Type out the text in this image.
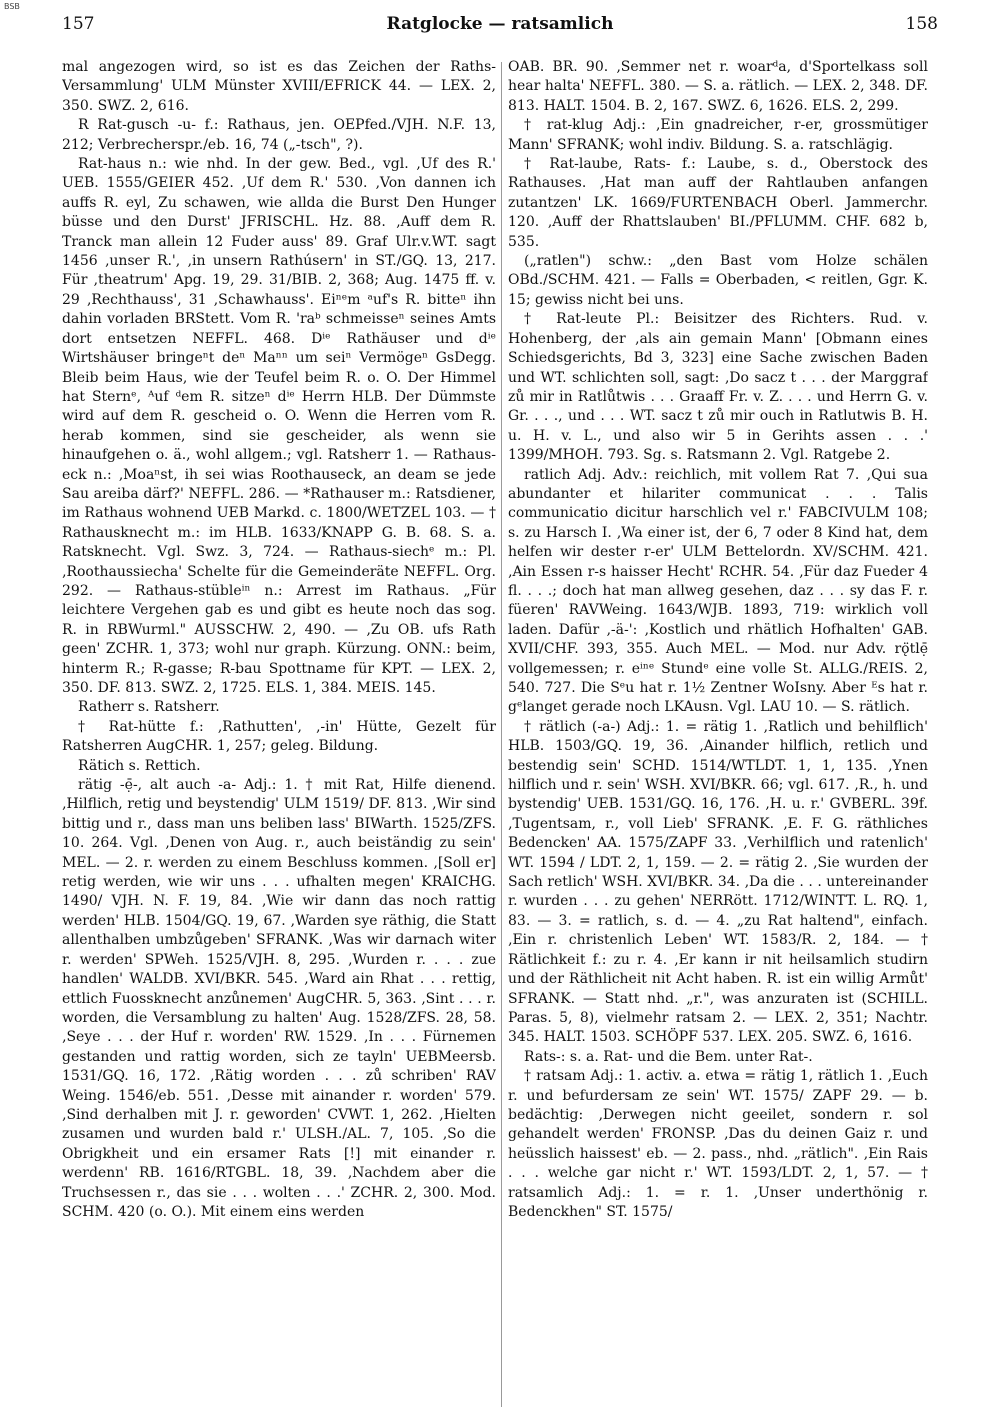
BSB
157	Ratglocke — ratsamlich	158

mal angezogen wird, so ist es das Zeichen der Raths- Versammlung' ULM Münster XVIII/EFRICK 44. — LEX. 2, 350. SWZ. 2, 616.

R Rat-gusch -u- f.: Rathaus, jen. OEPfed./VJH. N.F. 13, 212; Verbrecherspr./eb. 16, 74 („-tsch", ?).

Rat-haus n.: wie nhd. In der gew. Bed., vgl. ‚Uf des R.' UEB. 1555/GEIER 452. ‚Uf dem R.' 530. ‚Von dannen ich auffs R. eyl, Zu schawen, wie allda die Burst Den Hunger büsse und den Durst' JFRISCHL. Hz. 88. ‚Auff dem R. Tranck man allein 12 Fuder auss' 89. Graf Ulr.v.WT. sagt 1456 ‚unser R.', ‚in unsern Rathúsern' in ST./GQ. 13, 217. Für ‚theatrum' Apg. 19, 29. 31/BIB. 2, 368; Aug. 1475 ff. v. 29 ‚Rechthauss', 31 ‚Schawhauss'. Eiⁿᵉm ᵃuf's R. bitteⁿ ihn dahin vorladen BRStett. Vom R. 'raᵇ schmeisseⁿ seines Amts dort entsetzen NEFFL. 468. Dⁱᵉ Rathäuser und dⁱᵉ Wirtshäuser bringeⁿt deⁿ Maⁿⁿ um seiⁿ Vermögeⁿ GsDegg. Bleib beim Haus, wie der Teufel beim R. o. O. Der Himmel hat Sternᵉ, ᴬuf ᵈem R. sitzeⁿ dⁱᵉ Herrn HLB. Der Dümmste wird auf dem R. gescheid o. O. Wenn die Herren vom R. herab kommen, sind sie gescheider, als wenn sie hinaufgehen o. ä., wohl allgem.; vgl. Ratsherr 1. — Rathaus-eck n.: ‚Moaⁿst, ih sei wias Roothauseck, an deam se jede Sau areiba därf?' NEFFL. 286. — *Rathauser m.: Ratsdiener, im Rathaus wohnend UEB Markd. c. 1800/WETZEL 103. — † Rathausknecht m.: im HLB. 1633/KNAPP G. B. 68. S. a. Ratsknecht. Vgl. Swz. 3, 724. — Rathaus-siechᵉ m.: Pl. ‚Roothaussiecha' Schelte für die Gemeinderäte NEFFL. Org. 292. — Rathaus-stübleⁱⁿ n.: Arrest im Rathaus. „Für leichtere Vergehen gab es und gibt es heute noch das sog. R. in RBWurml." AUSSCHW. 2, 490. — ‚Zu OB. ufs Rath geen' ZCHR. 1, 373; wohl nur graph. Kürzung. ONN.: beim, hinterm R.; R-gasse; R-bau Spottname für KPT. — LEX. 2, 350. DF. 813. SWZ. 2, 1725. ELS. 1, 384. MEIS. 145.

Ratherr s. Ratsherr.

† Rat-hütte f.: ‚Rathutten', ‚-in' Hütte, Gezelt für Ratsherren AugCHR. 1, 257; geleg. Bildung.

Rätich s. Rettich.

rätig -ẹ̄-, alt auch -a- Adj.: 1. † mit Rat, Hilfe dienend. ‚Hilflich, retig und beystendig' ULM 1519/ DF. 813. ‚Wir sind bittig und r., dass man uns beliben lass' BIWarth. 1525/ZFS. 10. 264. Vgl. ‚Denen von Aug. r., auch beiständig zu sein' MEL. — 2. r. werden zu einem Beschluss kommen. ‚[Soll er] retig werden, wie wir uns . . . ufhalten megen' KRAICHG. 1490/ VJH. N. F. 19, 84. ‚Wie wir dann das noch rattig werden' HLB. 1504/GQ. 19, 67. ‚Warden sye räthig, die Statt allenthalben umbzůgeben' SFRANK. ‚Was wir darnach witer r. werden' SPWeh. 1525/VJH. 8, 295. ‚Wurden r. . . . zue handlen' WALDB. XVI/BKR. 545. ‚Ward ain Rhat . . . rettig, ettlich Fuossknecht anzůnemen' AugCHR. 5, 363. ‚Sint . . . r. worden, die Versamblung zu halten' Aug. 1528/ZFS. 28, 58. ‚Seye . . . der Huf r. worden' RW. 1529. ‚In . . . Fürnemen gestanden und rattig worden, sich ze tayln' UEBMeersb. 1531/GQ. 16, 172. ‚Rätig worden . . . zů schriben' RAV Weing. 1546/eb. 551. ‚Desse mit ainander r. worden' 579. ‚Sind derhalben mit J. r. geworden' CVWT. 1, 262. ‚Hielten zusamen und wurden bald r.' ULSH./AL. 7, 105. ‚So die Obrigkheit und ein ersamer Rats [!] mit einander r. werdenn' RB. 1616/RTGBL. 18, 39. ‚Nachdem aber die Truchsessen r., das sie . . . wolten . . .' ZCHR. 2, 300. Mod. SCHM. 420 (o. O.). Mit einem eins werden

OAB. BR. 90. ‚Semmer net r. woarᵈa, d'Sportelkass soll hear halta' NEFFL. 380. — S. a. rätlich. — LEX. 2, 348. DF. 813. HALT. 1504. B. 2, 167. SWZ. 6, 1626. ELS. 2, 299.

† rat-klug Adj.: ‚Ein gnadreicher, r-er, grossmütiger Mann' SFRANK; wohl indiv. Bildung. S. a. ratschlägig.

† Rat-laube, Rats- f.: Laube, s. d., Oberstock des Rathauses. ‚Hat man auff der Rahtlauben anfangen zutantzen' LK. 1669/FURTENBACH Oberl. Jammerchr. 120. ‚Auff der Rhattslauben' BI./PFLUMM. CHF. 682 b, 535.

(„ratlen") schw.: „den Bast vom Holze schälen OBd./SCHM. 421. — Falls = Oberbaden, < reitlen, Ggr. K. 15; gewiss nicht bei uns.

† Rat-leute Pl.: Beisitzer des Richters. Rud. v. Hohenberg, der ‚als ain gemain Mann' [Obmann eines Schiedsgerichts, Bd 3, 323] eine Sache zwischen Baden und WT. schlichten soll, sagt: ‚Do sacz t . . . der Marggraf zů mir in Ratlůtwis . . . Graaff Fr. v. Z. . . . und Herrn G. v. Gr. . . ., und . . . WT. sacz t zů mir ouch in Ratlutwis B. H. u. H. v. L., und also wir 5 in Gerihts assen . . .' 1399/MHOH. 793. Sg. s. Ratsmann 2. Vgl. Ratgebe 2.

ratlich Adj. Adv.: reichlich, mit vollem Rat 7. ‚Qui sua abundanter et hilariter communicat . . . Talis communicatio dicitur harschlich vel r.' FABCIVULM 108; s. zu Harsch I. ‚Wa einer ist, der 6, 7 oder 8 Kind hat, dem helfen wir dester r-er' ULM Bettelordn. XV/SCHM. 421. ‚Ain Essen r-s haisser Hecht' RCHR. 54. ‚Für daz Fueder 4 fl. . . .; doch hat man allweg gesehen, daz . . . sy das F. r. füeren' RAVWeing. 1643/WJB. 1893, 719: wirklich voll laden. Dafür ‚-ä-': ‚Kostlich und rhätlich Hofhalten' GAB. XVII/CHF. 393, 355. Auch MEL. — Mod. nur Adv. rǫ̈tlẹ̄ vollgemessen; r. eⁱⁿᵉ Stundᵉ eine volle St. ALLG./REIS. 2, 540. 727. Die Sᵉu hat r. 1½ Zentner WoIsny. Aber ᴱs hat r. gᵉlanget gerade noch LKAusn. Vgl. LAU 10. — S. rätlich.

† rätlich (-a-) Adj.: 1. = rätig 1. ‚Ratlich und behilflich' HLB. 1503/GQ. 19, 36. ‚Ainander hilflich, retlich und bestendig sein' SCHD. 1514/WTLDT. 1, 1, 135. ‚Ynen hilflich und r. sein' WSH. XVI/BKR. 66; vgl. 617. ‚R., h. und bystendig' UEB. 1531/GQ. 16, 176. ‚H. u. r.' GVBERL. 39f. ‚Tugentsam, r., voll Lieb' SFRANK. ‚E. F. G. räthliches Bedencken' AA. 1575/ZAPF 33. ‚Verhilflich und ratenlich' WT. 1594 / LDT. 2, 1, 159. — 2. = rätig 2. ‚Sie wurden der Sach retlich' WSH. XVI/BKR. 34. ‚Da die . . . untereinander r. wurden . . . zu gehen' NERRött. 1712/WINTT. L. RQ. 1, 83. — 3. = ratlich, s. d. — 4. „zu Rat haltend", einfach. ‚Ein r. christenlich Leben' WT. 1583/R. 2, 184. — † Rätlichkeit f.: zu r. 4. ‚Er kann ir nit heilsamlich studirn und der Räthlicheit nit Acht haben. R. ist ein willig Armůt' SFRANK. — Statt nhd. „r.", was anzuraten ist (SCHILL. Paras. 5, 8), vielmehr ratsam 2. — LEX. 2, 351; Nachtr. 345. HALT. 1503. SCHÖPF 537. LEX. 205. SWZ. 6, 1616.

Rats-: s. a. Rat- und die Bem. unter Rat-.

† ratsam Adj.: 1. activ. a. etwa = rätig 1, rätlich 1. ‚Euch r. und befurdersam ze sein' WT. 1575/ ZAPF 29. — b. bedächtig: ‚Derwegen nicht geeilet, sondern r. sol gehandelt werden' FRONSP. ‚Das du deinen Gaiz r. und heüsslich haissest' eb. — 2. pass., nhd. „rätlich". ‚Ein Rais . . . welche gar nicht r.' WT. 1593/LDT. 2, 1, 57. — † ratsamlich Adj.: 1. = r. 1. ‚Unser underthönig r. Bedenckhen" ST. 1575/
